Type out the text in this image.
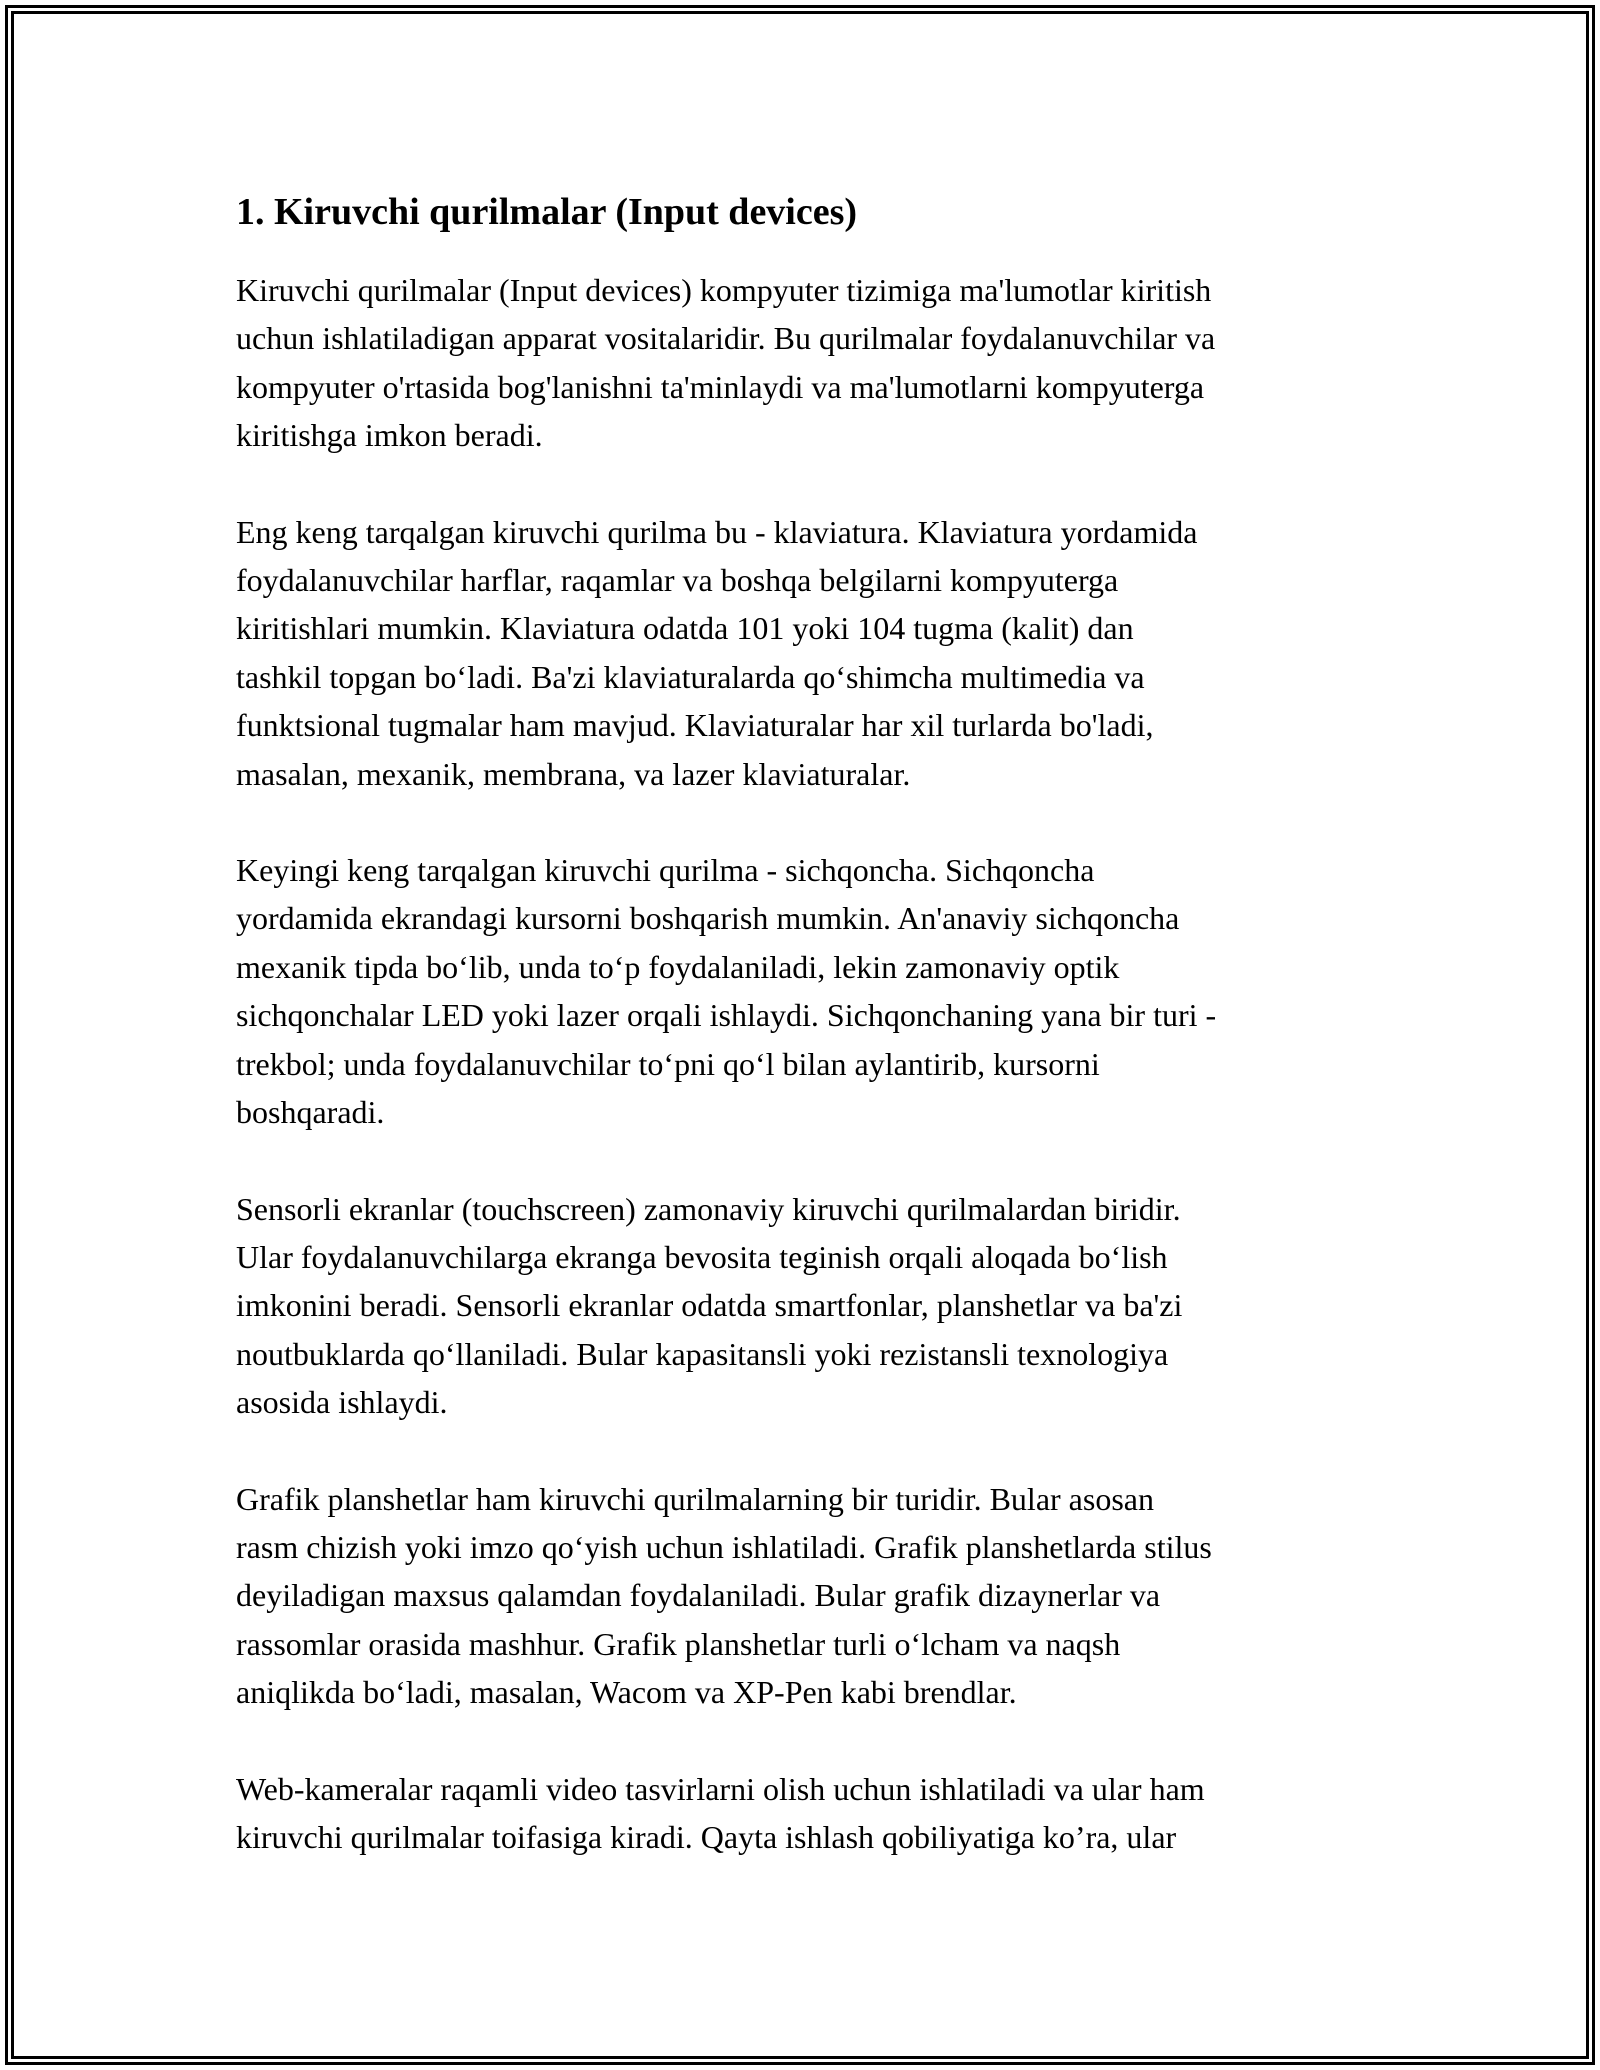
1. Kiruvchi qurilmalar (Input devices)

Kiruvchi qurilmalar (Input devices) kompyuter tizimiga ma'lumotlar kiritish
uchun ishlatiladigan apparat vositalaridir. Bu qurilmalar foydalanuvchilar va
kompyuter o'rtasida bog'lanishni ta'minlaydi va ma'lumotlarni kompyuterga
kiritishga imkon beradi.

Eng keng tarqalgan kiruvchi qurilma bu - klaviatura. Klaviatura yordamida
foydalanuvchilar harflar, raqamlar va boshqa belgilarni kompyuterga
kiritishlari mumkin. Klaviatura odatda 101 yoki 104 tugma (kalit) dan
tashkil topgan bo‘ladi. Ba'zi klaviaturalarda qo‘shimcha multimedia va
funktsional tugmalar ham mavjud. Klaviaturalar har xil turlarda bo'ladi,
masalan, mexanik, membrana, va lazer klaviaturalar.

Keyingi keng tarqalgan kiruvchi qurilma - sichqoncha. Sichqoncha
yordamida ekrandagi kursorni boshqarish mumkin. An'anaviy sichqoncha
mexanik tipda bo‘lib, unda to‘p foydalaniladi, lekin zamonaviy optik
sichqonchalar LED yoki lazer orqali ishlaydi. Sichqonchaning yana bir turi -
trekbol; unda foydalanuvchilar to‘pni qo‘l bilan aylantirib, kursorni
boshqaradi.

Sensorli ekranlar (touchscreen) zamonaviy kiruvchi qurilmalardan biridir.
Ular foydalanuvchilarga ekranga bevosita teginish orqali aloqada bo‘lish
imkonini beradi. Sensorli ekranlar odatda smartfonlar, planshetlar va ba'zi
noutbuklarda qo‘llaniladi. Bular kapasitansli yoki rezistansli texnologiya
asosida ishlaydi.

Grafik planshetlar ham kiruvchi qurilmalarning bir turidir. Bular asosan
rasm chizish yoki imzo qo‘yish uchun ishlatiladi. Grafik planshetlarda stilus
deyiladigan maxsus qalamdan foydalaniladi. Bular grafik dizaynerlar va
rassomlar orasida mashhur. Grafik planshetlar turli o‘lcham va naqsh
aniqlikda bo‘ladi, masalan, Wacom va XP-Pen kabi brendlar.

Web-kameralar raqamli video tasvirlarni olish uchun ishlatiladi va ular ham
kiruvchi qurilmalar toifasiga kiradi. Qayta ishlash qobiliyatiga ko’ra, ular
